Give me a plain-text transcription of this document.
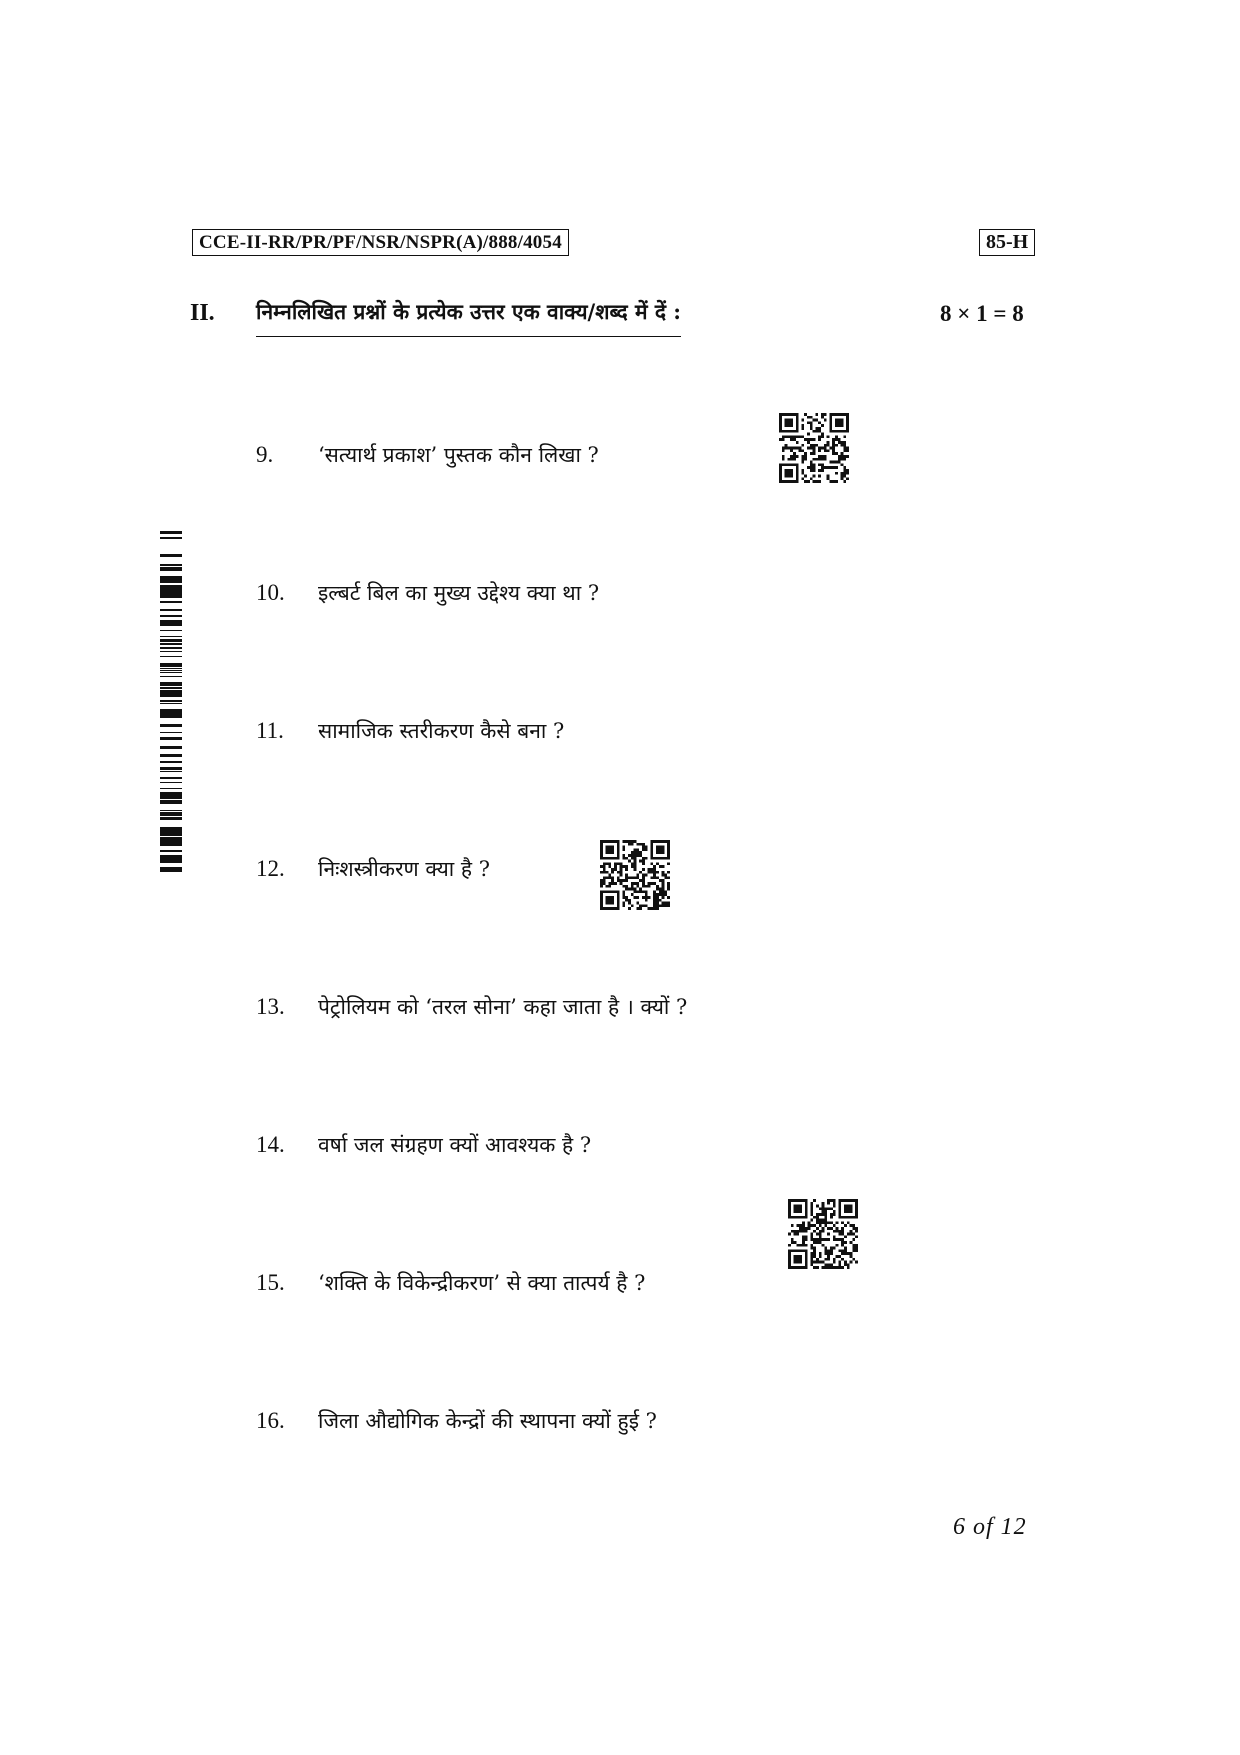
CCE-II-RR/PR/PF/NSR/NSPR(A)/888/4054	85-H
II. निम्नलिखित प्रश्नों के प्रत्येक उत्तर एक वाक्य/शब्द में दें :	8 × 1 = 8
9. ‘सत्यार्थ प्रकाश’ पुस्तक कौन लिखा ?
10. इल्बर्ट बिल का मुख्य उद्देश्य क्या था ?
11. सामाजिक स्तरीकरण कैसे बना ?
12. निःशस्त्रीकरण क्या है ?
13. पेट्रोलियम को ‘तरल सोना’ कहा जाता है । क्यों ?
14. वर्षा जल संग्रहण क्यों आवश्यक है ?
15. ‘शक्ति के विकेन्द्रीकरण’ से क्या तात्पर्य है ?
16. जिला औद्योगिक केन्द्रों की स्थापना क्यों हुई ?
6 of 12
